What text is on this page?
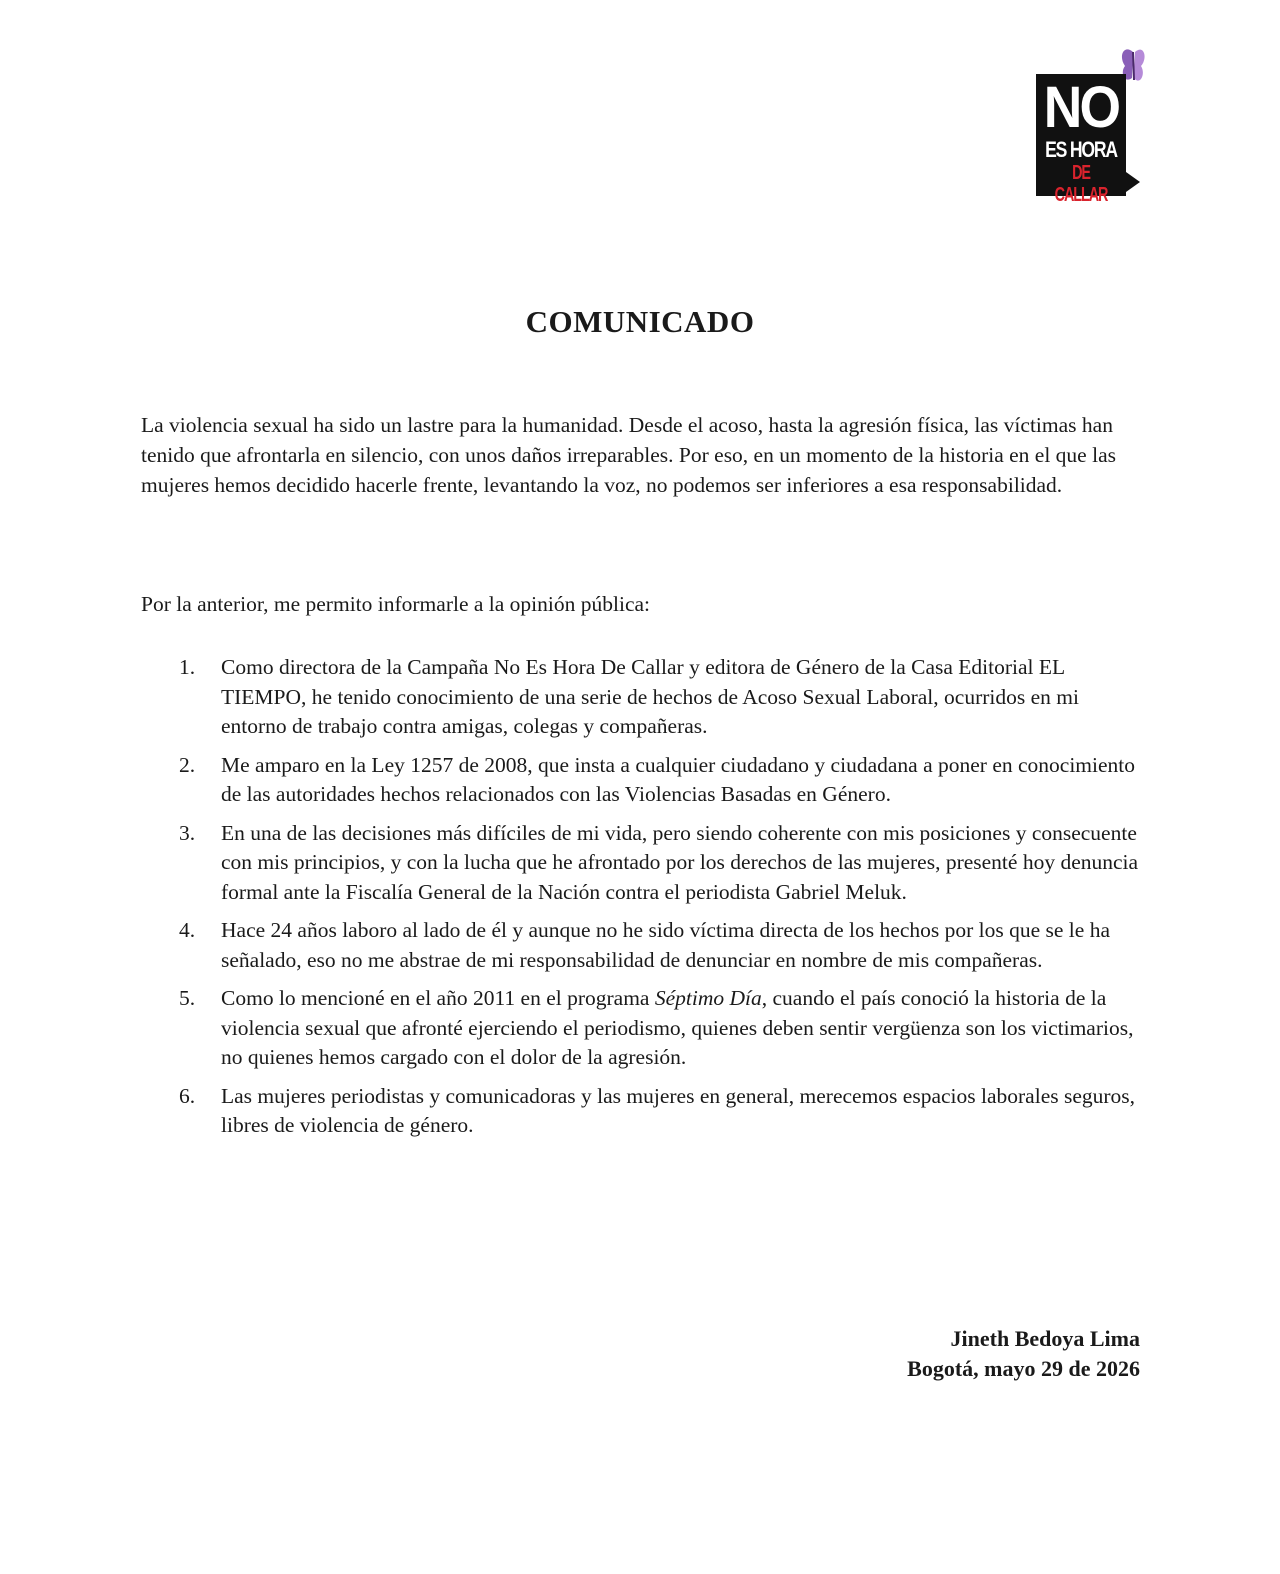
NO
ES HORA
DE CALLAR
COMUNICADO

La violencia sexual ha sido un lastre para la humanidad. Desde el acoso, hasta la agresión física, las víctimas han tenido que afrontarla en silencio, con unos daños irreparables. Por eso, en un momento de la historia en el que las mujeres hemos decidido hacerle frente, levantando la voz, no podemos ser inferiores a esa responsabilidad.

Por la anterior, me permito informarle a la opinión pública:

1. Como directora de la Campaña No Es Hora De Callar y editora de Género de la Casa Editorial EL TIEMPO, he tenido conocimiento de una serie de hechos de Acoso Sexual Laboral, ocurridos en mi entorno de trabajo contra amigas, colegas y compañeras.
2. Me amparo en la Ley 1257 de 2008, que insta a cualquier ciudadano y ciudadana a poner en conocimiento de las autoridades hechos relacionados con las Violencias Basadas en Género.
3. En una de las decisiones más difíciles de mi vida, pero siendo coherente con mis posiciones y consecuente con mis principios, y con la lucha que he afrontado por los derechos de las mujeres, presenté hoy denuncia formal ante la Fiscalía General de la Nación contra el periodista Gabriel Meluk.
4. Hace 24 años laboro al lado de él y aunque no he sido víctima directa de los hechos por los que se le ha señalado, eso no me abstrae de mi responsabilidad de denunciar en nombre de mis compañeras.
5. Como lo mencioné en el año 2011 en el programa Séptimo Día, cuando el país conoció la historia de la violencia sexual que afronté ejerciendo el periodismo, quienes deben sentir vergüenza son los victimarios, no quienes hemos cargado con el dolor de la agresión.
6. Las mujeres periodistas y comunicadoras y las mujeres en general, merecemos espacios laborales seguros, libres de violencia de género.
Jineth Bedoya Lima
Bogotá, mayo 29 de 2026
